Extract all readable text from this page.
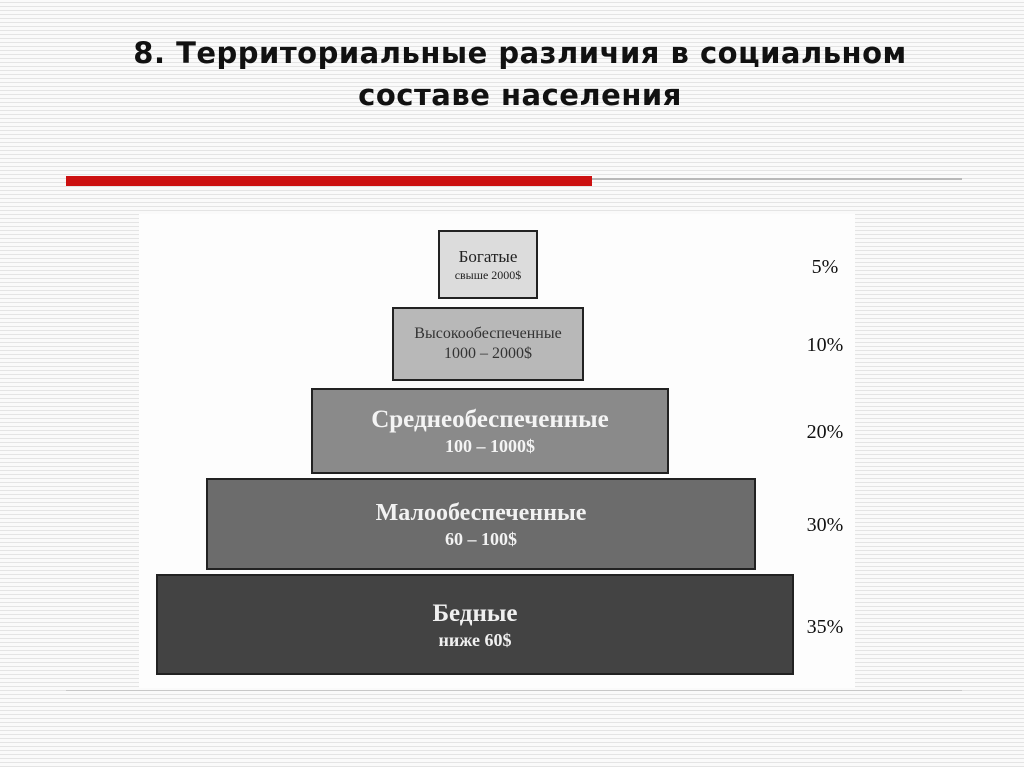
8. Территориальные различия в социальном
составе населения
Богатые
свыше 2000$
Высокообеспеченные
1000 – 2000$
Среднеобеспеченные
100 – 1000$
Малообеспеченные
60 – 100$
Бедные
ниже 60$
5%
10%
20%
30%
35%
